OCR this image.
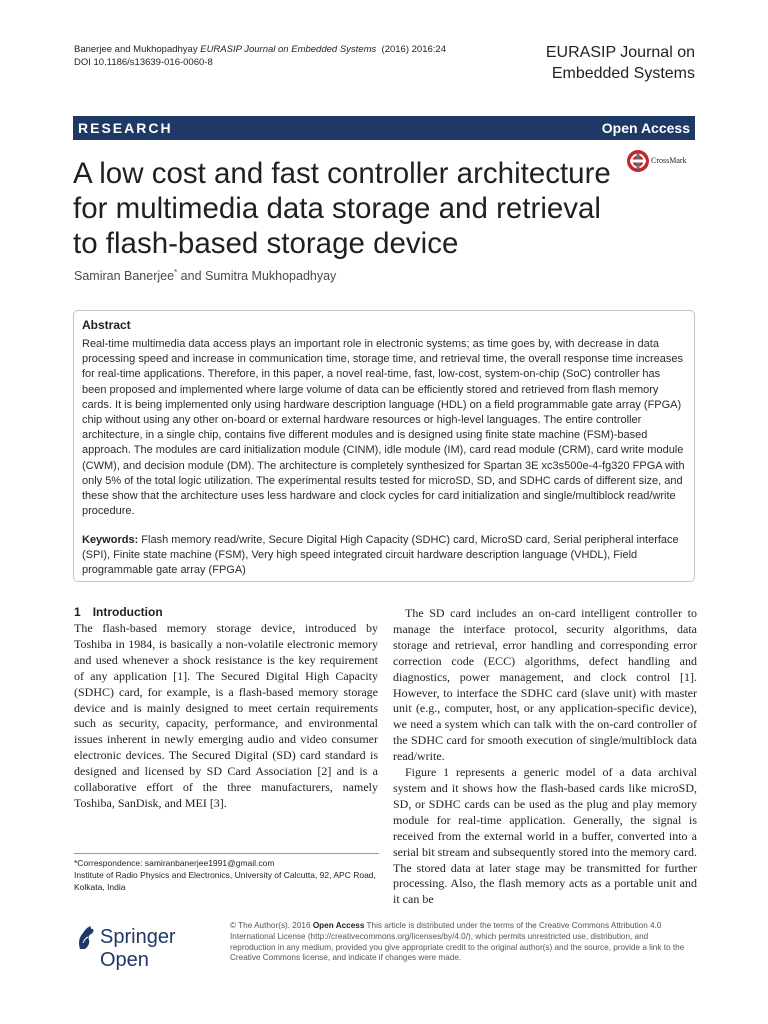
Banerjee and Mukhopadhyay EURASIP Journal on Embedded Systems (2016) 2016:24
DOI 10.1186/s13639-016-0060-8
EURASIP Journal on
Embedded Systems
RESEARCH	Open Access
A low cost and fast controller architecture for multimedia data storage and retrieval to flash-based storage device
CrossMark
Samiran Banerjee* and Sumitra Mukhopadhyay
Abstract
Real-time multimedia data access plays an important role in electronic systems; as time goes by, with decrease in data processing speed and increase in communication time, storage time, and retrieval time, the overall response time increases for real-time applications. Therefore, in this paper, a novel real-time, fast, low-cost, system-on-chip (SoC) controller has been proposed and implemented where large volume of data can be efficiently stored and retrieved from flash memory cards. It is being implemented only using hardware description language (HDL) on a field programmable gate array (FPGA) chip without using any other on-board or external hardware resources or high-level languages. The entire controller architecture, in a single chip, contains five different modules and is designed using finite state machine (FSM)-based approach. The modules are card initialization module (CINM), idle module (IM), card read module (CRM), card write module (CWM), and decision module (DM). The architecture is completely synthesized for Spartan 3E xc3s500e-4-fg320 FPGA with only 5% of the total logic utilization. The experimental results tested for microSD, SD, and SDHC cards of different size, and these show that the architecture uses less hardware and clock cycles for card initialization and single/multiblock read/write procedure.
Keywords: Flash memory read/write, Secure Digital High Capacity (SDHC) card, MicroSD card, Serial peripheral interface (SPI), Finite state machine (FSM), Very high speed integrated circuit hardware description language (VHDL), Field programmable gate array (FPGA)
1 Introduction

The flash-based memory storage device, introduced by Toshiba in 1984, is basically a non-volatile electronic memory and used whenever a shock resistance is the key requirement of any application [1]. The Secured Digital High Capacity (SDHC) card, for example, is a flash-based memory storage device and is mainly designed to meet certain requirements such as security, capacity, performance, and environmental issues inherent in newly emerging audio and video consumer electronic devices. The Secured Digital (SD) card standard is designed and licensed by SD Card Association [2] and is a collaborative effort of the three manufacturers, namely Toshiba, SanDisk, and MEI [3].

The SD card includes an on-card intelligent controller to manage the interface protocol, security algorithms, data storage and retrieval, error handling and corresponding error correction code (ECC) algorithms, defect handling and diagnostics, power management, and clock control [1]. However, to interface the SDHC card (slave unit) with master unit (e.g., computer, host, or any application-specific device), we need a system which can talk with the on-card controller of the SDHC card for smooth execution of single/multiblock data read/write.

Figure 1 represents a generic model of a data archival system and it shows how the flash-based cards like microSD, SD, or SDHC cards can be used as the plug and play memory module for real-time application. Generally, the signal is received from the external world in a buffer, converted into a serial bit stream and subsequently stored into the memory card. The stored data at later stage may be transmitted for further processing. Also, the flash memory acts as a portable unit and it can be

*Correspondence: samiranbanerjee1991@gmail.com
Institute of Radio Physics and Electronics, University of Calcutta, 92, APC Road, Kolkata, India
Springer Open
© The Author(s). 2016 Open Access This article is distributed under the terms of the Creative Commons Attribution 4.0 International License (http://creativecommons.org/licenses/by/4.0/), which permits unrestricted use, distribution, and reproduction in any medium, provided you give appropriate credit to the original author(s) and the source, provide a link to the Creative Commons license, and indicate if changes were made.
